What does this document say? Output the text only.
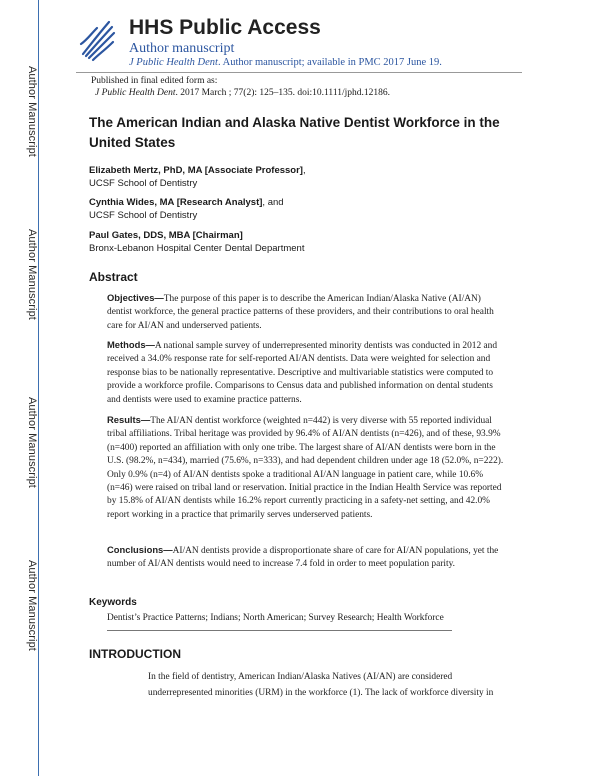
Author Manuscript
Author Manuscript
Author Manuscript
Author Manuscript
HHS Public Access
Author manuscript
J Public Health Dent. Author manuscript; available in PMC 2017 June 19.
Published in final edited form as:
J Public Health Dent. 2017 March ; 77(2): 125–135. doi:10.1111/jphd.12186.
The American Indian and Alaska Native Dentist Workforce in the United States
Elizabeth Mertz, PhD, MA [Associate Professor],
UCSF School of Dentistry
Cynthia Wides, MA [Research Analyst], and
UCSF School of Dentistry
Paul Gates, DDS, MBA [Chairman]
Bronx-Lebanon Hospital Center Dental Department
Abstract
Objectives—The purpose of this paper is to describe the American Indian/Alaska Native (AI/AN) dentist workforce, the general practice patterns of these providers, and their contributions to oral health care for AI/AN and underserved patients.
Methods—A national sample survey of underrepresented minority dentists was conducted in 2012 and received a 34.0% response rate for self-reported AI/AN dentists. Data were weighted for selection and response bias to be nationally representative. Descriptive and multivariable statistics were computed to provide a workforce profile. Comparisons to Census data and published information on dental students and dentists were used to examine practice patterns.
Results—The AI/AN dentist workforce (weighted n=442) is very diverse with 55 reported individual tribal affiliations. Tribal heritage was provided by 96.4% of AI/AN dentists (n=426), and of these, 93.9% (n=400) reported an affiliation with only one tribe. The largest share of AI/AN dentists were born in the U.S. (98.2%, n=434), married (75.6%, n=333), and had dependent children under age 18 (52.0%, n=222). Only 0.9% (n=4) of AI/AN dentists spoke a traditional AI/AN language in patient care, while 10.6% (n=46) were raised on tribal land or reservation. Initial practice in the Indian Health Service was reported by 15.8% of AI/AN dentists while 16.2% report currently practicing in a safety-net setting, and 42.0% report working in a practice that primarily serves underserved patients.
Conclusions—AI/AN dentists provide a disproportionate share of care for AI/AN populations, yet the number of AI/AN dentists would need to increase 7.4 fold in order to meet population parity.
Keywords
Dentist’s Practice Patterns; Indians; North American; Survey Research; Health Workforce
INTRODUCTION
In the field of dentistry, American Indian/Alaska Natives (AI/AN) are considered underrepresented minorities (URM) in the workforce (1). The lack of workforce diversity in
